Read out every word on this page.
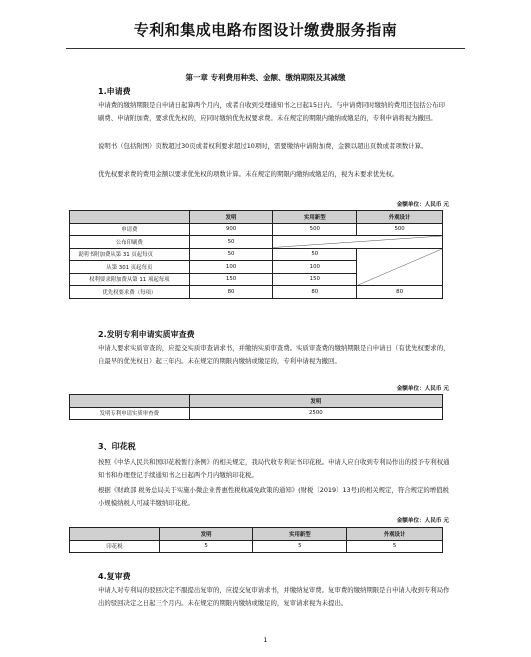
专利和集成电路布图设计缴费服务指南
第一章 专利费用种类、金额、缴纳期限及其减缴
1.申请费
申请费的缴纳期限是自申请日起算两个月内，或者自收到受理通知书之日起15日内。与申请费同时缴纳的费用还包括公布印刷费、申请附加费，要求优先权的，应同时缴纳优先权要求费。未在规定的期限内缴纳或缴足的，专利申请将视为撤回。
说明书（包括附图）页数超过30页或者权利要求超过10项时，需要缴纳申请附加费，金额以超出页数或者项数计算。
优先权要求费的费用金额以要求优先权的项数计算。未在规定的期限内缴纳或缴足的，视为未要求优先权。
金额单位：人民币 元
	发明	实用新型	外观设计
申请费	900	500	500
公布印刷费	50	

说明书附加费从第 31 页起每页	50	50	

从第 301 页起每页	100	100	
权利要求附加费从第 11 项起每项	150	150	
优先权要求费（每项）	80	80	80
2.发明专利申请实质审查费
申请人要求实质审查的，应提交实质审查请求书，并缴纳实质审查费。实质审查费的缴纳期限是自申请日（有优先权要求的，自最早的优先权日）起三年内。未在规定的期限内缴纳或缴足的，专利申请视为撤回。
金额单位：人民币 元
	发明
发明专利申请实质审查费	2500
3、印花税
按照《中华人民共和国印花税暂行条例》的相关规定，我局代收专利证书印花税。申请人应自收到专利局作出的授予专利权通知书和办理登记手续通知书之日起两个月内缴纳印花税。
根据《财政部 税务总局关于实施小微企业普惠性税收减免政策的通知》(财税〔2019〕13号)的相关规定，符合规定的增值税小规模纳税人可减半缴纳印花税。
金额单位：人民币 元
	发明	实用新型	外观设计
印花税	5	5	5
4.复审费
申请人对专利局的驳回决定不服提出复审的，应提交复审请求书，并缴纳复审费。复审费的缴纳期限是自申请人收到专利局作出的驳回决定之日起三个月内。未在规定的期限内缴纳或缴足的，复审请求视为未提出。
1
